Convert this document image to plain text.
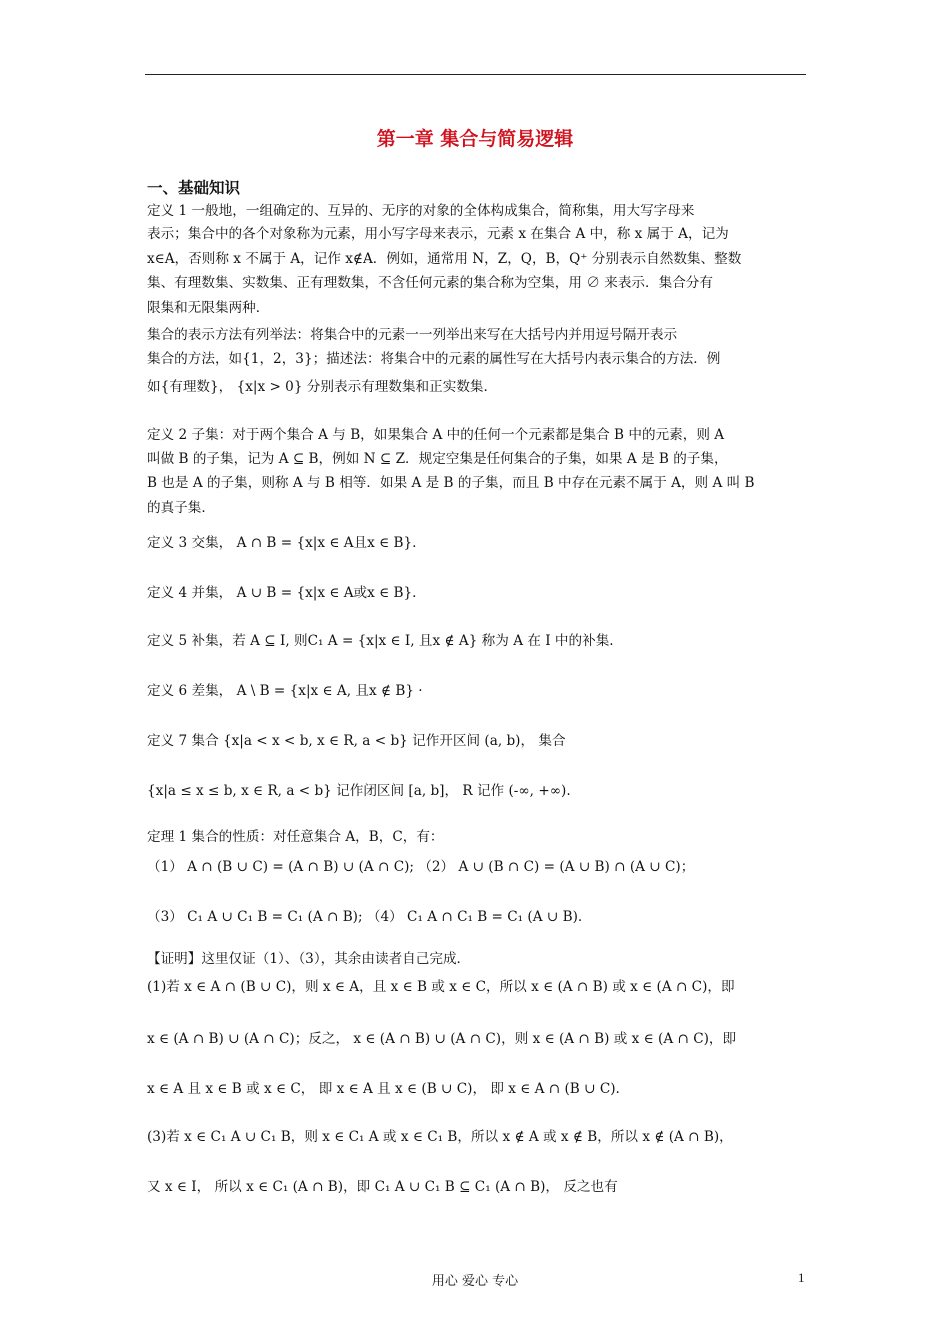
第一章 集合与简易逻辑
一、基础知识
定义 1 一般地，一组确定的、互异的、无序的对象的全体构成集合，简称集，用大写字母来
表示；集合中的各个对象称为元素，用小写字母来表示，元素 x 在集合 A 中，称 x 属于 A，记为
x∈A，否则称 x 不属于 A，记作 x∉A．例如，通常用 N，Z，Q，B，Q⁺ 分别表示自然数集、整数
集、有理数集、实数集、正有理数集，不含任何元素的集合称为空集，用 ∅ 来表示．集合分有
限集和无限集两种．
集合的表示方法有列举法：将集合中的元素一一列举出来写在大括号内并用逗号隔开表示
集合的方法，如{1，2，3}；描述法：将集合中的元素的属性写在大括号内表示集合的方法．例
如{有理数}， {x|x > 0} 分别表示有理数集和正实数集．
定义 2 子集：对于两个集合 A 与 B，如果集合 A 中的任何一个元素都是集合 B 中的元素，则 A
叫做 B 的子集，记为 A ⊆ B，例如 N ⊆ Z．规定空集是任何集合的子集，如果 A 是 B 的子集，
B 也是 A 的子集，则称 A 与 B 相等．如果 A 是 B 的子集，而且 B 中存在元素不属于 A，则 A 叫 B
的真子集．
定义 3 交集， A ∩ B = {x|x ∈ A且x ∈ B}.
定义 4 并集， A ∪ B = {x|x ∈ A或x ∈ B}.
定义 5 补集，若 A ⊆ I, 则C₁ A = {x|x ∈ I, 且x ∉ A} 称为 A 在 I 中的补集.
定义 6 差集， A \ B = {x|x ∈ A, 且x ∉ B} ·
定义 7 集合 {x|a < x < b, x ∈ R, a < b} 记作开区间 (a, b)， 集合
{x|a ≤ x ≤ b, x ∈ R, a < b} 记作闭区间 [a, b]， R 记作 (-∞, +∞).
定理 1 集合的性质：对任意集合 A，B，C，有：
（1） A ∩ (B ∪ C) = (A ∩ B) ∪ (A ∩ C); （2） A ∪ (B ∩ C) = (A ∪ B) ∩ (A ∪ C)；
（3） C₁ A ∪ C₁ B = C₁ (A ∩ B); （4） C₁ A ∩ C₁ B = C₁ (A ∪ B).
【证明】这里仅证（1）、（3），其余由读者自己完成．
(1)若 x ∈ A ∩ (B ∪ C)，则 x ∈ A，且 x ∈ B 或 x ∈ C，所以 x ∈ (A ∩ B) 或 x ∈ (A ∩ C)，即
x ∈ (A ∩ B) ∪ (A ∩ C)；反之， x ∈ (A ∩ B) ∪ (A ∩ C)，则 x ∈ (A ∩ B) 或 x ∈ (A ∩ C)，即
x ∈ A 且 x ∈ B 或 x ∈ C， 即 x ∈ A 且 x ∈ (B ∪ C)， 即 x ∈ A ∩ (B ∪ C).
(3)若 x ∈ C₁ A ∪ C₁ B，则 x ∈ C₁ A 或 x ∈ C₁ B，所以 x ∉ A 或 x ∉ B，所以 x ∉ (A ∩ B)，
又 x ∈ I， 所以 x ∈ C₁ (A ∩ B)，即 C₁ A ∪ C₁ B ⊆ C₁ (A ∩ B)， 反之也有
用心 爱心 专心	1
